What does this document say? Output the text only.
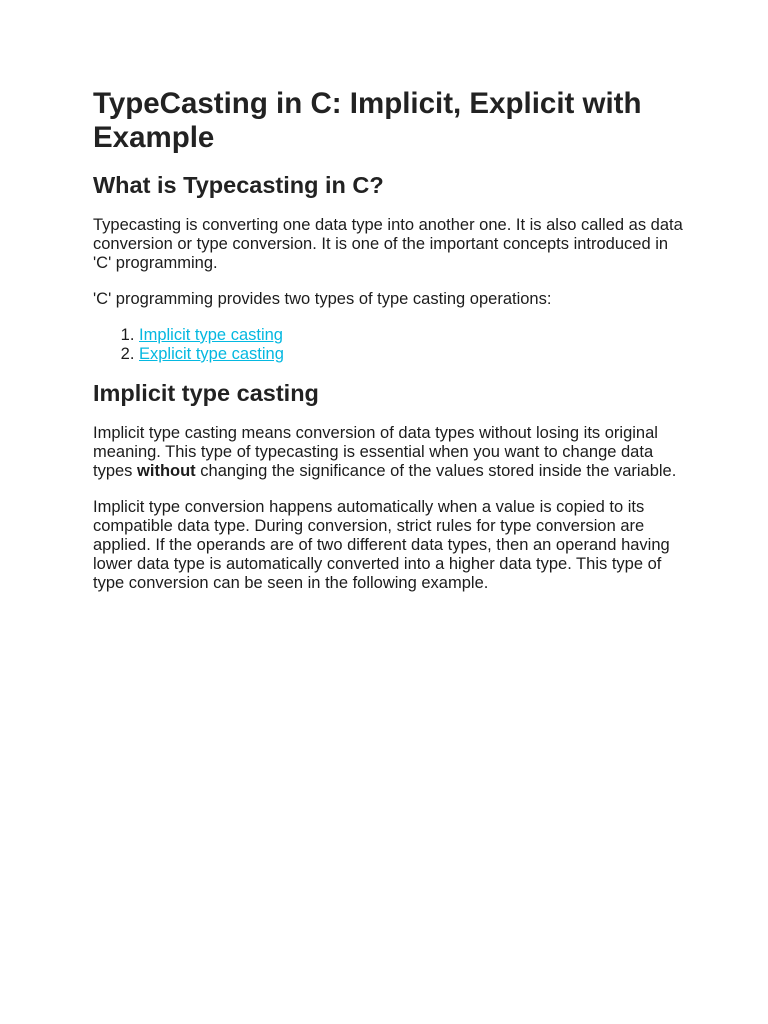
TypeCasting in C: Implicit, Explicit with Example
What is Typecasting in C?

Typecasting is converting one data type into another one. It is also called as data conversion or type conversion. It is one of the important concepts introduced in 'C' programming.

'C' programming provides two types of type casting operations:

1. Implicit type casting
2. Explicit type casting
Implicit type casting

Implicit type casting means conversion of data types without losing its original meaning. This type of typecasting is essential when you want to change data types without changing the significance of the values stored inside the variable.

Implicit type conversion happens automatically when a value is copied to its compatible data type. During conversion, strict rules for type conversion are applied. If the operands are of two different data types, then an operand having lower data type is automatically converted into a higher data type. This type of type conversion can be seen in the following example.
